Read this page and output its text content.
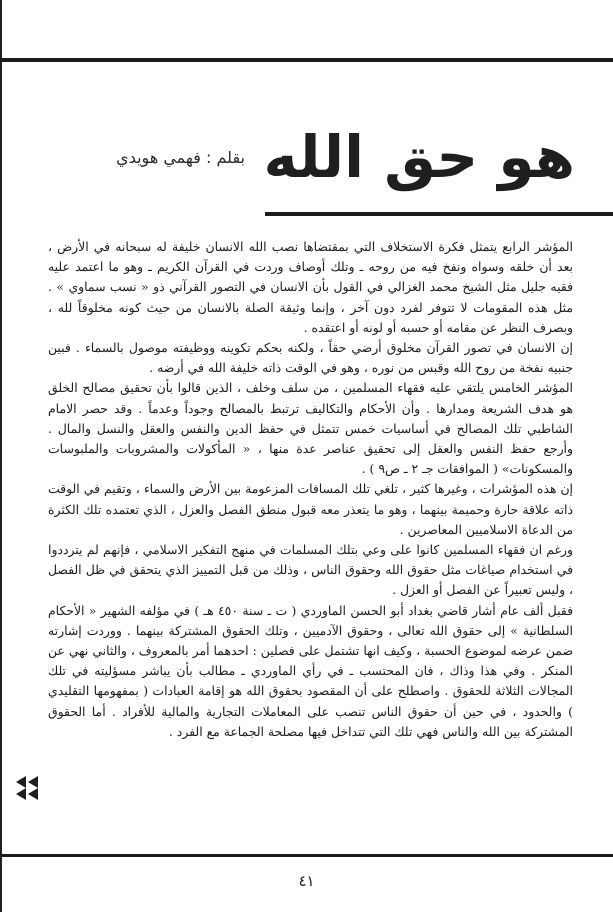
هو حق الله
بقلم : فهمي هويدي

المؤشر الرابع يتمثل فكرة الاستخلاف التي بمقتضاها نصب الله الانسان خليفة له سبحانه في الأرض ، بعد أن خلقه وسواه ونفخ فيه من روحه ـ وتلك أوصاف وردت في القرآن الكريم ـ وهو ما اعتمد عليه فقيه جليل مثل الشيخ محمد الغزالي في القول بأن الانسان في التصور القرآني ذو « نسب سماوي » . مثل هذه المقومات لا تتوفر لفرد دون آخر ، وإنما وثيقة الصلة بالانسان من حيث كونه مخلوقاً لله ، وبصرف النظر عن مقامه أو حسبه أو لونه أو اعتقده .

إن الانسان في تصور القرآن مخلوق أرضي حقاً ، ولكنه بحكم تكوينه ووظيفته موصول بالسماء . فبين جنبيه نفخة من روح الله وقبس من نوره ، وهو في الوقت ذاته خليفة الله في أرضه .

المؤشر الخامس يلتقي عليه فقهاء المسلمين ، من سلف وخلف ، الذين قالوا بأن تحقيق مصالح الخلق هو هدف الشريعة ومدارها . وأن الأحكام والتكاليف ترتبط بالمصالح وجوداً وعدماً . وقد حصر الامام الشاطبي تلك المصالح في أساسيات خمس تتمثل في حفظ الدين والنفس والعقل والنسل والمال . وأرجع حفظ النفس والعقل إلى تحقيق عناصر عدة منها ، « المأكولات والمشروبات والملبوسات والمسكونات» ( الموافقات جـ ٢ ـ ص٩ ) .

إن هذه المؤشرات ، وغيرها كثير ، تلغي تلك المسافات المزعومة بين الأرض والسماء ، وتقيم في الوقت ذاته علاقة حارة وحميمة بينهما ، وهو ما يتعذر معه قبول منطق الفصل والعزل ، الذي تعتمده تلك الكثرة من الدعاة الاسلاميين المعاصرين .

ورغم ان فقهاء المسلمين كانوا على وعي بتلك المسلمات في منهج التفكير الاسلامي ، فإنهم لم يترددوا في استخدام صياغات مثل حقوق الله وحقوق الناس ، وذلك من قبل التمييز الذي يتحقق في ظل الفصل ، وليس تعبيراً عن الفصل أو العزل .

فقبل ألف عام أشار قاضي بغداد أبو الحسن الماوردي ( ت ـ سنة ٤٥٠ هـ ) في مؤلفه الشهير « الأحكام السلطانية » إلى حقوق الله تعالى ، وحقوق الآدميين ، وتلك الحقوق المشتركة بينهما . ووردت إشارته ضمن عرضه لموضوع الحسبة ، وكيف انها تشتمل على فصلين : احدهما أمر بالمعروف ، والثاني نهي عن المنكر . وفي هذا وذاك ، فان المحتسب ـ في رأي الماوردي ـ مطالب بأن يباشر مسؤليته في تلك المجالات الثلاثة للحقوق . واصطلح على أن المقصود بحقوق الله هو إقامة العبادات ( بمفهومها التقليدي ) والحدود ، في حين أن حقوق الناس تنصب على المعاملات التجارية والمالية للأفراد . أما الحقوق المشتركة بين الله والناس فهي تلك التي تتداخل فيها مصلحة الجماعة مع الفرد .

٤١
